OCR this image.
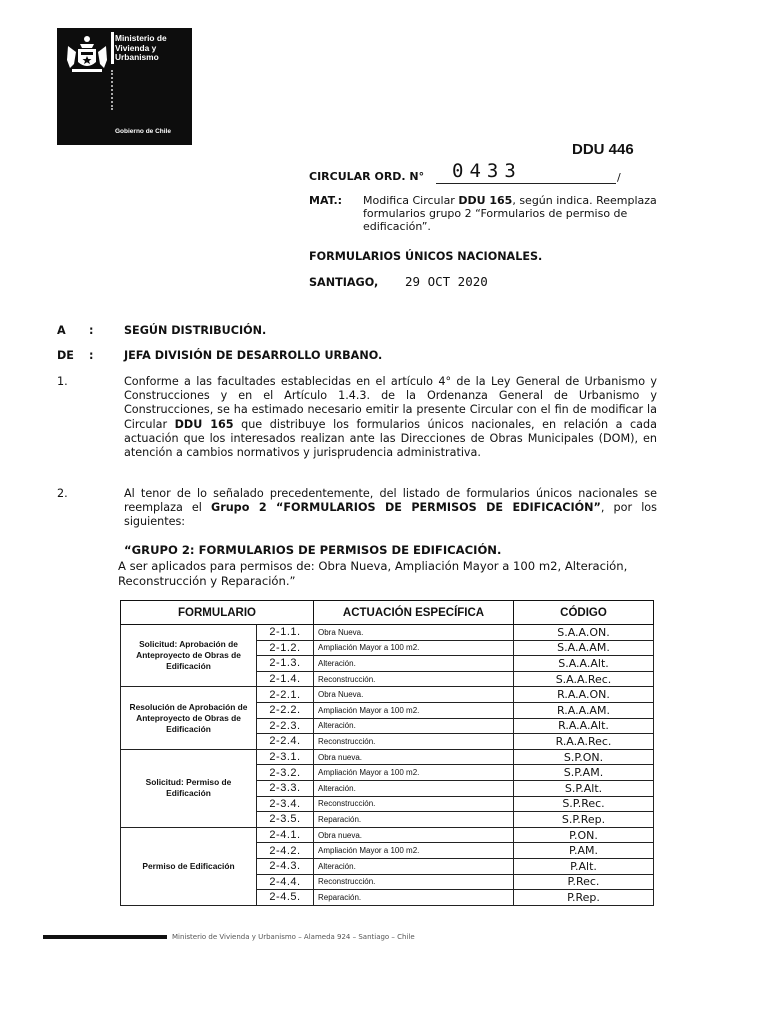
Ministerio de
Vivienda y
Urbanismo
Gobierno de Chile
DDU 446
CIRCULAR ORD. N° 0433	/
MAT.: Modifica Circular DDU 165, según indica. Reemplaza formularios grupo 2 “Formularios de permiso de edificación”.
FORMULARIOS ÚNICOS NACIONALES.
SANTIAGO, 29 OCT 2020
A :	SEGÚN DISTRIBUCIÓN.
DE :	JEFA DIVISIÓN DE DESARROLLO URBANO.
1.	Conforme a las facultades establecidas en el artículo 4° de la Ley General de Urbanismo y Construcciones y en el Artículo 1.4.3. de la Ordenanza General de Urbanismo y Construcciones, se ha estimado necesario emitir la presente Circular con el fin de modificar la Circular DDU 165 que distribuye los formularios únicos nacionales, en relación a cada actuación que los interesados realizan ante las Direcciones de Obras Municipales (DOM), en atención a cambios normativos y jurisprudencia administrativa.
2.	Al tenor de lo señalado precedentemente, del listado de formularios únicos nacionales se reemplaza el Grupo 2 “FORMULARIOS DE PERMISOS DE EDIFICACIÓN”, por los siguientes:
“GRUPO 2: FORMULARIOS DE PERMISOS DE EDIFICACIÓN.
A ser aplicados para permisos de: Obra Nueva, Ampliación Mayor a 100 m2, Alteración, Reconstrucción y Reparación.”
FORMULARIO		ACTUACIÓN ESPECÍFICA	CÓDIGO
Solicitud: Aprobación de Anteproyecto de Obras de Edificación	2-1.1.	Obra Nueva.	S.A.A.ON.
	2-1.2.	Ampliación Mayor a 100 m2.	S.A.A.AM.
	2-1.3.	Alteración.	S.A.A.Alt.
	2-1.4.	Reconstrucción.	S.A.A.Rec.
Resolución de Aprobación de Anteproyecto de Obras de Edificación	2-2.1.	Obra Nueva.	R.A.A.ON.
	2-2.2.	Ampliación Mayor a 100 m2.	R.A.A.AM.
	2-2.3.	Alteración.	R.A.A.Alt.
	2-2.4.	Reconstrucción.	R.A.A.Rec.
Solicitud: Permiso de Edificación	2-3.1.	Obra nueva.	S.P.ON.
	2-3.2.	Ampliación Mayor a 100 m2.	S.P.AM.
	2-3.3.	Alteración.	S.P.Alt.
	2-3.4.	Reconstrucción.	S.P.Rec.
	2-3.5.	Reparación.	S.P.Rep.
Permiso de Edificación	2-4.1.	Obra nueva.	P.ON.
	2-4.2.	Ampliación Mayor a 100 m2.	P.AM.
	2-4.3.	Alteración.	P.Alt.
	2-4.4.	Reconstrucción.	P.Rec.
	2-4.5.	Reparación.	P.Rep.
Ministerio de Vivienda y Urbanismo – Alameda 924 – Santiago – Chile
